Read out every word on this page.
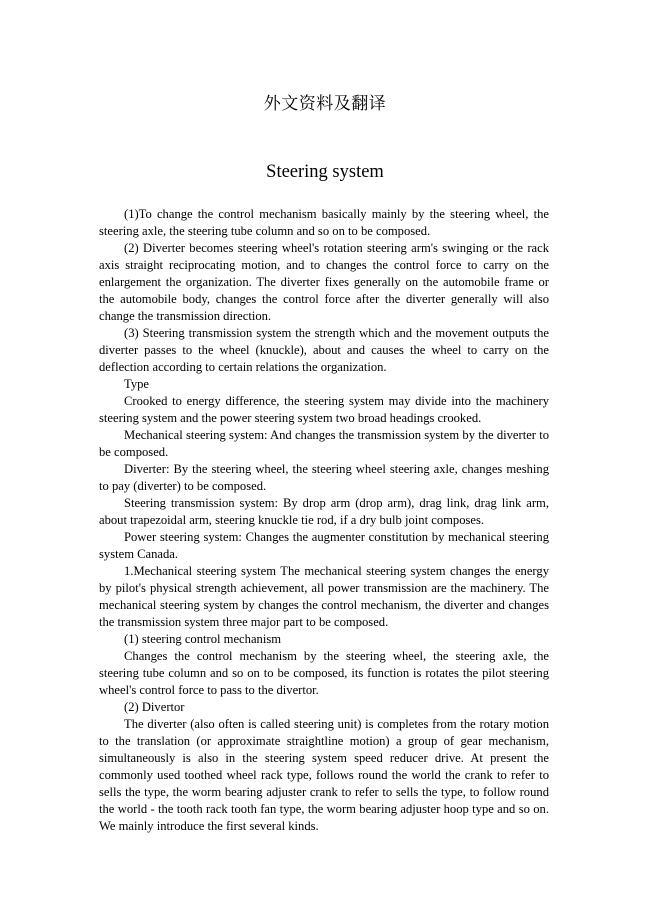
外文资料及翻译
Steering system

(1)To change the control mechanism basically mainly by the steering wheel, the steering axle, the steering tube column and so on to be composed.

(2) Diverter becomes steering wheel's rotation steering arm's swinging or the rack axis straight reciprocating motion, and to changes the control force to carry on the enlargement the organization. The diverter fixes generally on the automobile frame or the automobile body, changes the control force after the diverter generally will also change the transmission direction.

(3) Steering transmission system the strength which and the movement outputs the diverter passes to the wheel (knuckle), about and causes the wheel to carry on the deflection according to certain relations the organization.

Type

Crooked to energy difference, the steering system may divide into the machinery steering system and the power steering system two broad headings crooked.

Mechanical steering system: And changes the transmission system by the diverter to be composed.

Diverter: By the steering wheel, the steering wheel steering axle, changes meshing to pay (diverter) to be composed.

Steering transmission system: By drop arm (drop arm), drag link, drag link arm, about trapezoidal arm, steering knuckle tie rod, if a dry bulb joint composes.

Power steering system: Changes the augmenter constitution by mechanical steering system Canada.

1.Mechanical steering system The mechanical steering system changes the energy by pilot's physical strength achievement, all power transmission are the machinery. The mechanical steering system by changes the control mechanism, the diverter and changes the transmission system three major part to be composed.

(1) steering control mechanism

Changes the control mechanism by the steering wheel, the steering axle, the steering tube column and so on to be composed, its function is rotates the pilot steering wheel's control force to pass to the divertor.

(2) Divertor

The diverter (also often is called steering unit) is completes from the rotary motion to the translation (or approximate straightline motion) a group of gear mechanism, simultaneously is also in the steering system speed reducer drive. At present the commonly used toothed wheel rack type, follows round the world the crank to refer to sells the type, the worm bearing adjuster crank to refer to sells the type, to follow round the world - the tooth rack tooth fan type, the worm bearing adjuster hoop type and so on. We mainly introduce the first several kinds.
